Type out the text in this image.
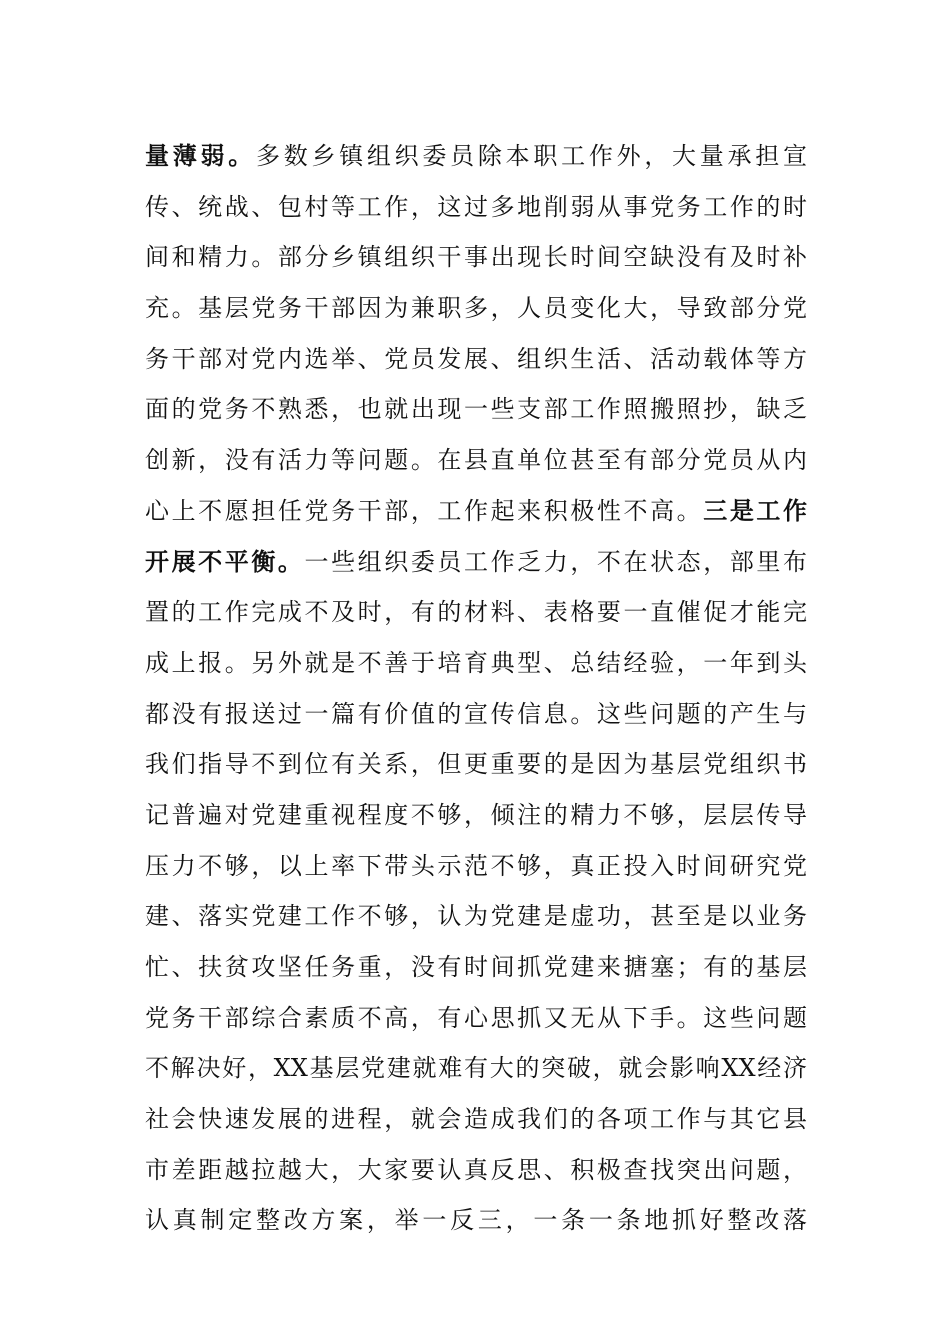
量薄弱。多数乡镇组织委员除本职工作外，大量承担宣
传、统战、包村等工作，这过多地削弱从事党务工作的时
间和精力。部分乡镇组织干事出现长时间空缺没有及时补
充。基层党务干部因为兼职多，人员变化大，导致部分党
务干部对党内选举、党员发展、组织生活、活动载体等方
面的党务不熟悉，也就出现一些支部工作照搬照抄，缺乏
创新，没有活力等问题。在县直单位甚至有部分党员从内
心上不愿担任党务干部，工作起来积极性不高。三是工作
开展不平衡。一些组织委员工作乏力，不在状态，部里布
置的工作完成不及时，有的材料、表格要一直催促才能完
成上报。另外就是不善于培育典型、总结经验，一年到头
都没有报送过一篇有价值的宣传信息。这些问题的产生与
我们指导不到位有关系，但更重要的是因为基层党组织书
记普遍对党建重视程度不够，倾注的精力不够，层层传导
压力不够，以上率下带头示范不够，真正投入时间研究党
建、落实党建工作不够，认为党建是虚功，甚至是以业务
忙、扶贫攻坚任务重，没有时间抓党建来搪塞；有的基层
党务干部综合素质不高，有心思抓又无从下手。这些问题
不解决好，XX基层党建就难有大的突破，就会影响XX经济
社会快速发展的进程，就会造成我们的各项工作与其它县
市差距越拉越大，大家要认真反思、积极查找突出问题，
认真制定整改方案，举一反三，一条一条地抓好整改落
